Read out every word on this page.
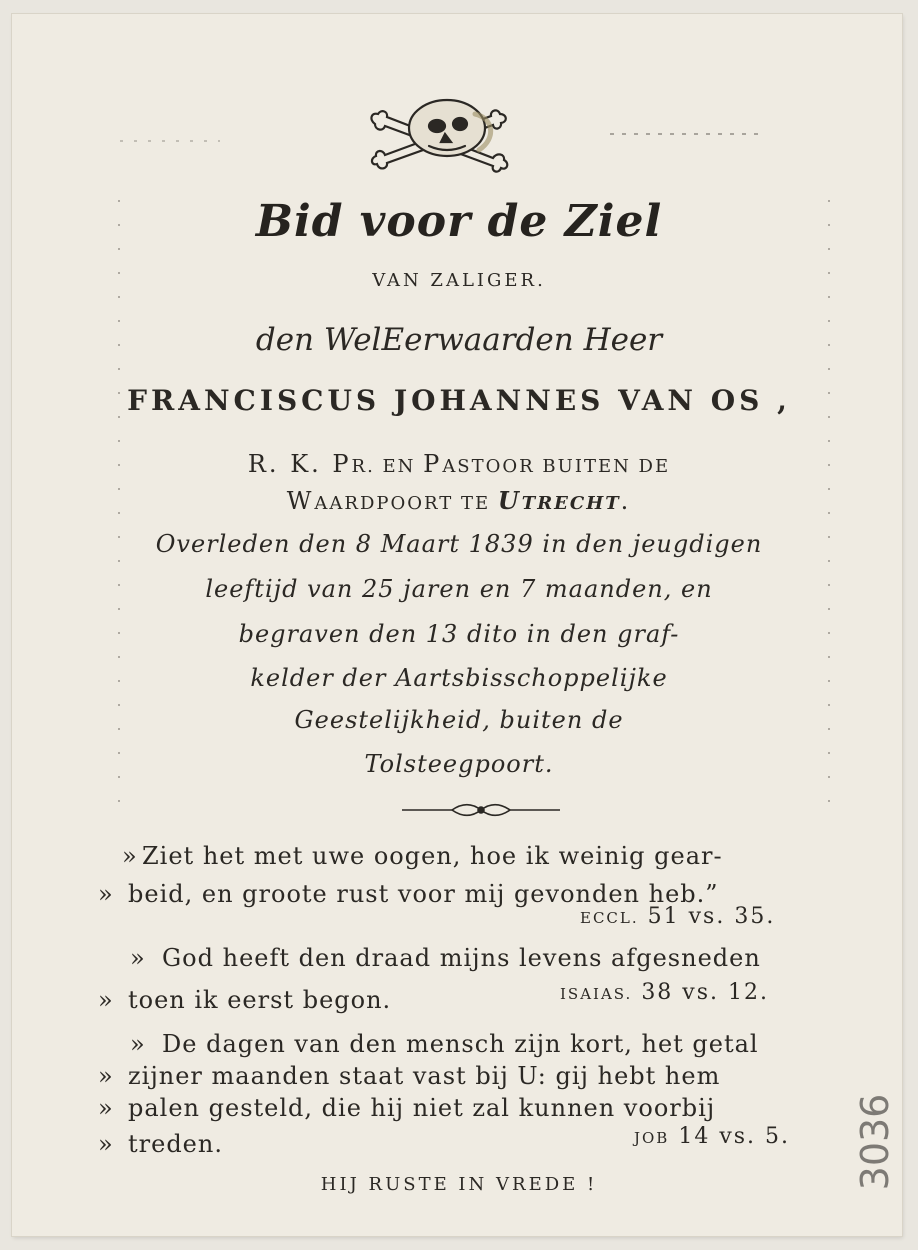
Bid voor de Ziel
VAN ZALIGER.
den WelEerwaarden Heer
FRANCISCUS JOHANNES VAN OS ,
R. K. PR. EN PASTOOR BUITEN DE
WAARDPOORT TE UTRECHT.
Overleden den 8 Maart 1839 in den jeugdigen
leeftijd van 25 jaren en 7 maanden, en
begraven den 13 dito in den graf-
kelder der Aartsbisschoppelijke
Geestelijkheid, buiten de
Tolsteegpoort.
» Ziet het met uwe oogen, hoe ik weinig gear-
» beid, en groote rust voor mij gevonden heb.”
ECCL. 51 vs. 35.
» God heeft den draad mijns levens afgesneden
» toen ik eerst begon.	ISAIAS. 38 vs. 12.
» De dagen van den mensch zijn kort, het getal
» zijner maanden staat vast bij U: gij hebt hem
» palen gesteld, die hij niet zal kunnen voorbij
» treden.	JOB 14 vs. 5.
HIJ RUSTE IN VREDE !	3036
